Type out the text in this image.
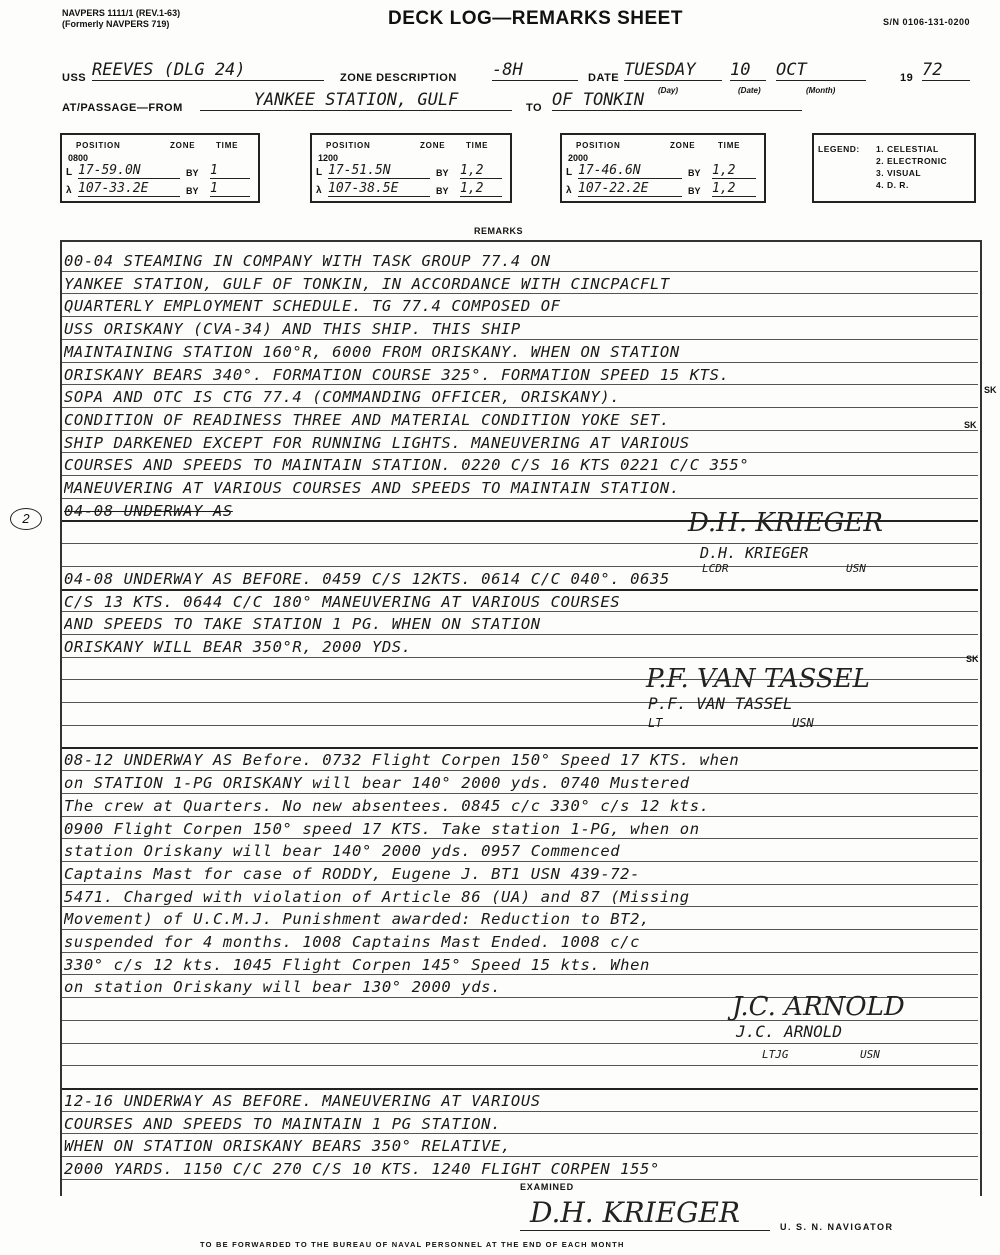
NAVPERS 1111/1 (REV.1-63)
(Formerly NAVPERS 719)	DECK LOG—REMARKS SHEET	S/N 0106-131-0200
USS REEVES (DLG 24)	ZONE DESCRIPTION -8H	DATE TUESDAY	10	OCT	19 72
(Day)	(Date)	(Month)
AT/PASSAGE—FROM	YANKEE STATION, GULF	TO OF TONKIN
POSITION	ZONE	TIME
0800
L 17-59.0N	BY 1
λ 107-33.2E	BY 1
POSITION	ZONE	TIME
1200
L 17-51.5N	BY 1,2
λ 107-38.5E	BY 1,2
POSITION	ZONE	TIME
2000
L 17-46.6N	BY 1,2
λ 107-22.2E	BY 1,2
LEGEND: 1. CELESTIAL
2. ELECTRONIC
3. VISUAL
4. D. R.
REMARKS
00-04 STEAMING IN COMPANY WITH TASK GROUP 77.4 ON
YANKEE STATION, GULF OF TONKIN, IN ACCORDANCE WITH CINCPACFLT
QUARTERLY EMPLOYMENT SCHEDULE. TG 77.4 COMPOSED OF
USS ORISKANY (CVA-34) AND THIS SHIP. THIS SHIP
MAINTAINING STATION 160°R, 6000 FROM ORISKANY. WHEN ON STATION
ORISKANY BEARS 340°. FORMATION COURSE 325°. FORMATION SPEED 15 KTS.
SOPA AND OTC IS CTG 77.4 (COMMANDING OFFICER, ORISKANY).
CONDITION OF READINESS THREE AND MATERIAL CONDITION YOKE SET.
SHIP DARKENED EXCEPT FOR RUNNING LIGHTS. MANEUVERING AT VARIOUS
COURSES AND SPEEDS TO MAINTAIN STATION. 0220 C/S 16 KTS 0221 C/C 355°
MANEUVERING AT VARIOUS COURSES AND SPEEDS TO MAINTAIN STATION.
04-08 UNDERWAY AS
04-08 UNDERWAY AS BEFORE. 0459 C/S 12KTS. 0614 C/C 040°. 0635
C/S 13 KTS. 0644 C/C 180° MANEUVERING AT VARIOUS COURSES
AND SPEEDS TO TAKE STATION 1 PG. WHEN ON STATION
ORISKANY WILL BEAR 350°R, 2000 YDS.
08-12 UNDERWAY AS Before. 0732 Flight Corpen 150° Speed 17 KTS. when
on STATION 1-PG ORISKANY will bear 140° 2000 yds. 0740 Mustered
The crew at Quarters. No new absentees. 0845 c/c 330° c/s 12 kts.
0900 Flight Corpen 150° speed 17 KTS. Take station 1-PG, when on
station Oriskany will bear 140° 2000 yds. 0957 Commenced
Captains Mast for case of RODDY, Eugene J. BT1 USN 439-72-
5471. Charged with violation of Article 86 (UA) and 87 (Missing
Movement) of U.C.M.J. Punishment awarded: Reduction to BT2,
suspended for 4 months. 1008 Captains Mast Ended. 1008 c/c
330° c/s 12 kts. 1045 Flight Corpen 145° Speed 15 kts. When
on station Oriskany will bear 130° 2000 yds.
12-16 UNDERWAY AS BEFORE. MANEUVERING AT VARIOUS
COURSES AND SPEEDS TO MAINTAIN 1 PG STATION.
WHEN ON STATION ORISKANY BEARS 350° RELATIVE,
2000 YARDS. 1150 C/C 270 C/S 10 KTS. 1240 FLIGHT CORPEN 155°
2
SK
SK
SK
D.H. KRIEGER
D.H. KRIEGER
LCDR	USN
P.F. VAN TASSEL
P.F. VAN TASSEL
LT	USN
J.C. ARNOLD
J.C. ARNOLD
LTJG	USN
EXAMINED
D.H. KRIEGER	U. S. N. NAVIGATOR
TO BE FORWARDED TO THE BUREAU OF NAVAL PERSONNEL AT THE END OF EACH MONTH
